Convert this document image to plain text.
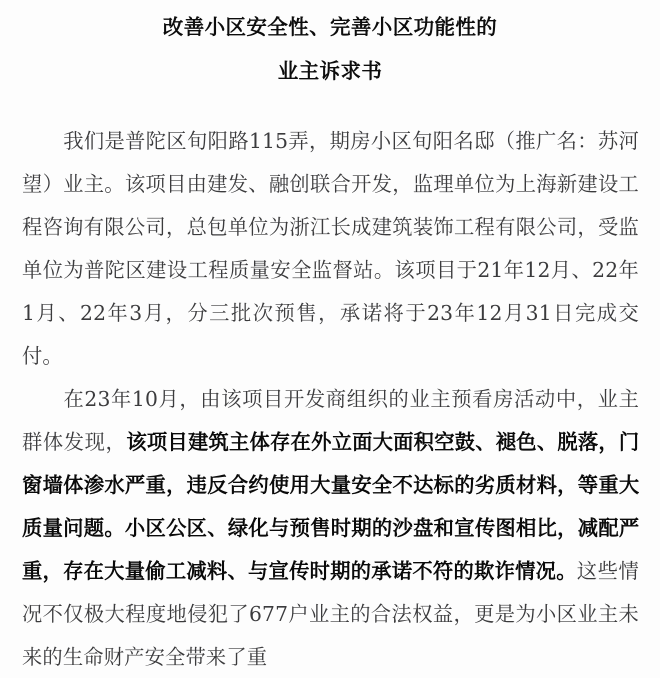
改善小区安全性、完善小区功能性的
业主诉求书

我们是普陀区旬阳路115弄，期房小区旬阳名邸（推广名：苏河望）业主。该项目由建发、融创联合开发，监理单位为上海新建设工程咨询有限公司，总包单位为浙江长成建筑装饰工程有限公司，受监单位为普陀区建设工程质量安全监督站。该项目于21年12月、22年1月、22年3月，分三批次预售，承诺将于23年12月31日完成交付。

在23年10月，由该项目开发商组织的业主预看房活动中，业主群体发现，该项目建筑主体存在外立面大面积空鼓、褪色、脱落，门窗墙体渗水严重，违反合约使用大量安全不达标的劣质材料，等重大质量问题。小区公区、绿化与预售时期的沙盘和宣传图相比，减配严重，存在大量偷工减料、与宣传时期的承诺不符的欺诈情况。这些情况不仅极大程度地侵犯了677户业主的合法权益，更是为小区业主未来的生命财产安全带来了重
